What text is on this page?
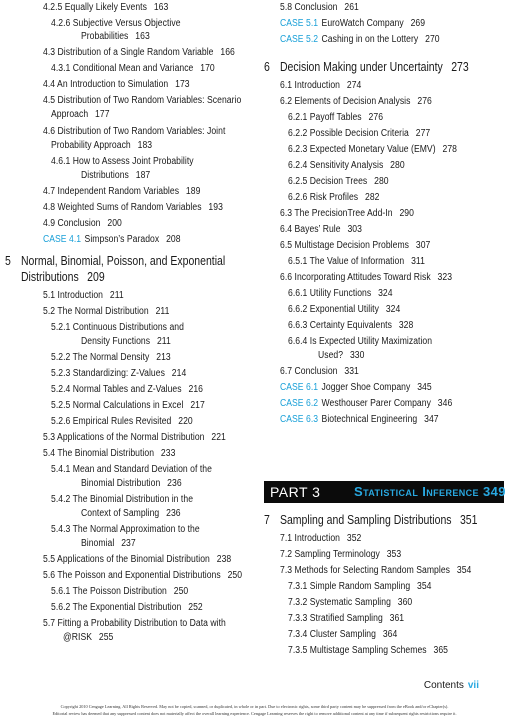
4.2.5 Equally Likely Events 163
4.2.6 Subjective Versus Objective
Probabilities 163
4.3 Distribution of a Single Random Variable 166
4.3.1 Conditional Mean and Variance 170
4.4 An Introduction to Simulation 173
4.5 Distribution of Two Random Variables: Scenario
Approach 177
4.6 Distribution of Two Random Variables: Joint
Probability Approach 183
4.6.1 How to Assess Joint Probability
Distributions 187
4.7 Independent Random Variables 189
4.8 Weighted Sums of Random Variables 193
4.9 Conclusion 200
CASE 4.1 Simpson’s Paradox 208
5 Normal, Binomial, Poisson, and Exponential
Distributions 209
5.1 Introduction 211
5.2 The Normal Distribution 211
5.2.1 Continuous Distributions and
Density Functions 211
5.2.2 The Normal Density 213
5.2.3 Standardizing: Z-Values 214
5.2.4 Normal Tables and Z-Values 216
5.2.5 Normal Calculations in Excel 217
5.2.6 Empirical Rules Revisited 220
5.3 Applications of the Normal Distribution 221
5.4 The Binomial Distribution 233
5.4.1 Mean and Standard Deviation of the
Binomial Distribution 236
5.4.2 The Binomial Distribution in the
Context of Sampling 236
5.4.3 The Normal Approximation to the
Binomial 237
5.5 Applications of the Binomial Distribution 238
5.6 The Poisson and Exponential Distributions 250
5.6.1 The Poisson Distribution 250
5.6.2 The Exponential Distribution 252
5.7 Fitting a Probability Distribution to Data with
@RISK 255
5.8 Conclusion 261
CASE 5.1 EuroWatch Company 269
CASE 5.2 Cashing in on the Lottery 270
6 Decision Making under Uncertainty 273
6.1 Introduction 274
6.2 Elements of Decision Analysis 276
6.2.1 Payoff Tables 276
6.2.2 Possible Decision Criteria 277
6.2.3 Expected Monetary Value (EMV) 278
6.2.4 Sensitivity Analysis 280
6.2.5 Decision Trees 280
6.2.6 Risk Profiles 282
6.3 The PrecisionTree Add-In 290
6.4 Bayes’ Rule 303
6.5 Multistage Decision Problems 307
6.5.1 The Value of Information 311
6.6 Incorporating Attitudes Toward Risk 323
6.6.1 Utility Functions 324
6.6.2 Exponential Utility 324
6.6.3 Certainty Equivalents 328
6.6.4 Is Expected Utility Maximization
Used? 330
6.7 Conclusion 331
CASE 6.1 Jogger Shoe Company 345
CASE 6.2 Westhouser Parer Company 346
CASE 6.3 Biotechnical Engineering 347
7 Sampling and Sampling Distributions 351
7.1 Introduction 352
7.2 Sampling Terminology 353
7.3 Methods for Selecting Random Samples 354
7.3.1 Simple Random Sampling 354
7.3.2 Systematic Sampling 360
7.3.3 Stratified Sampling 361
7.3.4 Cluster Sampling 364
7.3.5 Multistage Sampling Schemes 365
PART 3	Statistical Inference 349
Contents vii
Copyright 2010 Cengage Learning. All Rights Reserved. May not be copied, scanned, or duplicated, in whole or in part. Due to electronic rights, some third party content may be suppressed from the eBook and/or eChapter(s).
Editorial review has deemed that any suppressed content does not materially affect the overall learning experience. Cengage Learning reserves the right to remove additional content at any time if subsequent rights restrictions require it.
